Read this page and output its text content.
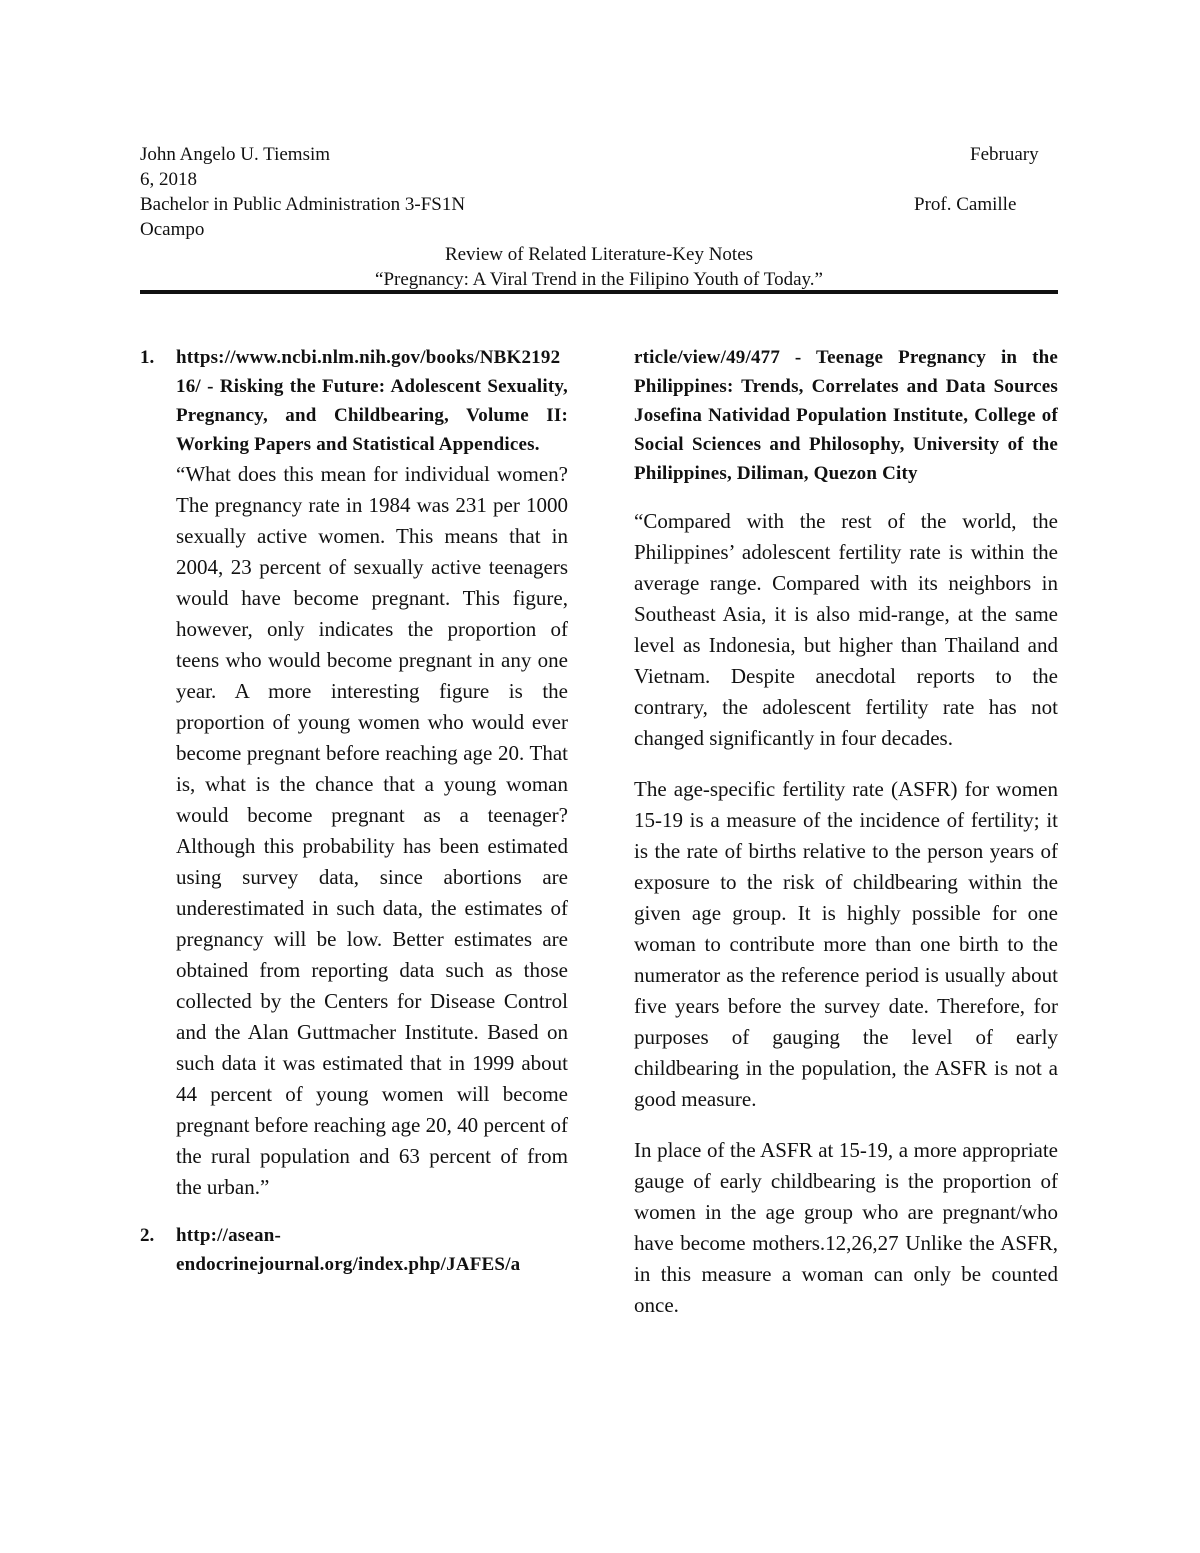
John Angelo U. Tiemsim	February
6, 2018
Bachelor in Public Administration 3-FS1N	Prof. Camille
Ocampo
Review of Related Literature-Key Notes
“Pregnancy: A Viral Trend in the Filipino Youth of Today.”
1. https://www.ncbi.nlm.nih.gov/books/NBK219216/ - Risking the Future: Adolescent Sexuality, Pregnancy, and Childbearing, Volume II: Working Papers and Statistical Appendices.
“What does this mean for individual women? The pregnancy rate in 1984 was 231 per 1000 sexually active women. This means that in 2004, 23 percent of sexually active teenagers would have become pregnant. This figure, however, only indicates the proportion of teens who would become pregnant in any one year. A more interesting figure is the proportion of young women who would ever become pregnant before reaching age 20. That is, what is the chance that a young woman would become pregnant as a teenager? Although this probability has been estimated using survey data, since abortions are underestimated in such data, the estimates of pregnancy will be low. Better estimates are obtained from reporting data such as those collected by the Centers for Disease Control and the Alan Guttmacher Institute. Based on such data it was estimated that in 1999 about 44 percent of young women will become pregnant before reaching age 20, 40 percent of the rural population and 63 percent of from the urban.”
2. http://asean-endocrinejournal.org/index.php/JAFES/a
rticle/view/49/477 - Teenage Pregnancy in the Philippines: Trends, Correlates and Data Sources Josefina Natividad Population Institute, College of Social Sciences and Philosophy, University of the Philippines, Diliman, Quezon City

“Compared with the rest of the world, the Philippines’ adolescent fertility rate is within the average range. Compared with its neighbors in Southeast Asia, it is also mid-range, at the same level as Indonesia, but higher than Thailand and Vietnam. Despite anecdotal reports to the contrary, the adolescent fertility rate has not changed significantly in four decades.

The age-specific fertility rate (ASFR) for women 15-19 is a measure of the incidence of fertility; it is the rate of births relative to the person years of exposure to the risk of childbearing within the given age group. It is highly possible for one woman to contribute more than one birth to the numerator as the reference period is usually about five years before the survey date. Therefore, for purposes of gauging the level of early childbearing in the population, the ASFR is not a good measure.

In place of the ASFR at 15-19, a more appropriate gauge of early childbearing is the proportion of women in the age group who are pregnant/who have become mothers.12,26,27 Unlike the ASFR, in this measure a woman can only be counted once.
